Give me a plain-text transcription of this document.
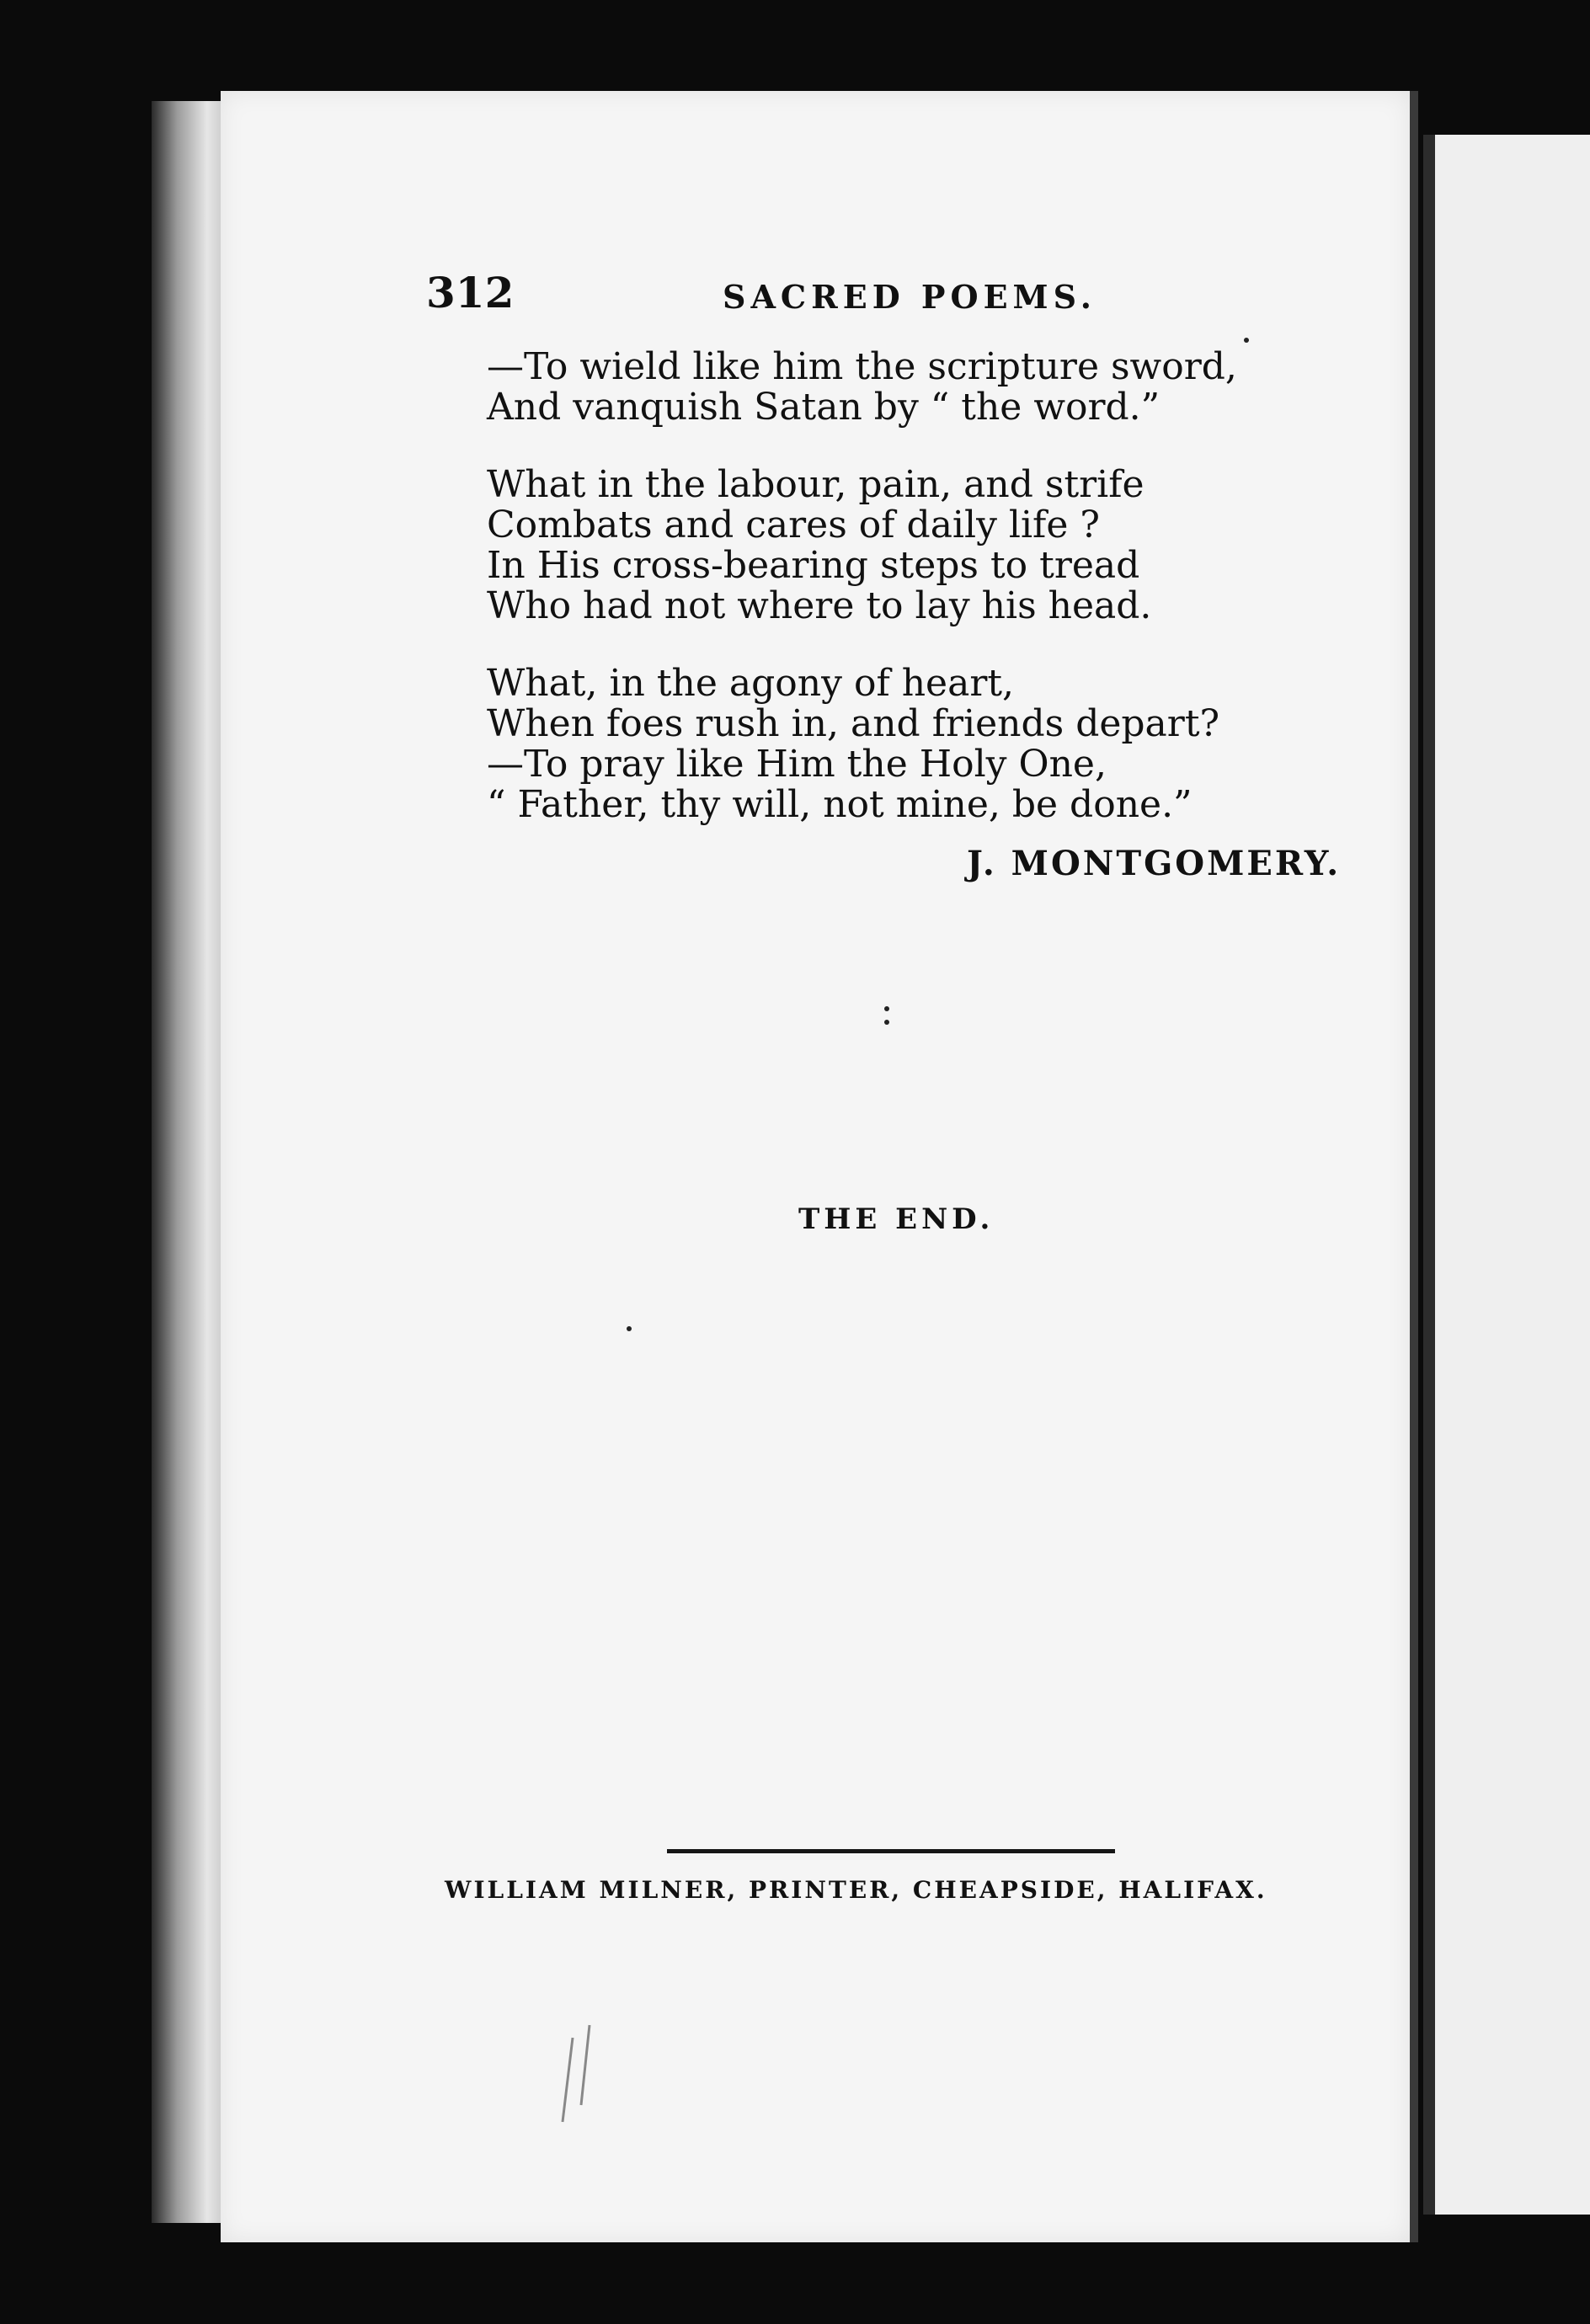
312	SACRED POEMS.
—To wield like him the scripture sword,
And vanquish Satan by “ the word.”
What in the labour, pain, and strife
Combats and cares of daily life ?
In His cross-bearing steps to tread
Who had not where to lay his head.
What, in the agony of heart,
When foes rush in, and friends depart?
—To pray like Him the Holy One,
“ Father, thy will, not mine, be done.”
J. MONTGOMERY.
THE END.
WILLIAM MILNER, PRINTER, CHEAPSIDE, HALIFAX.
